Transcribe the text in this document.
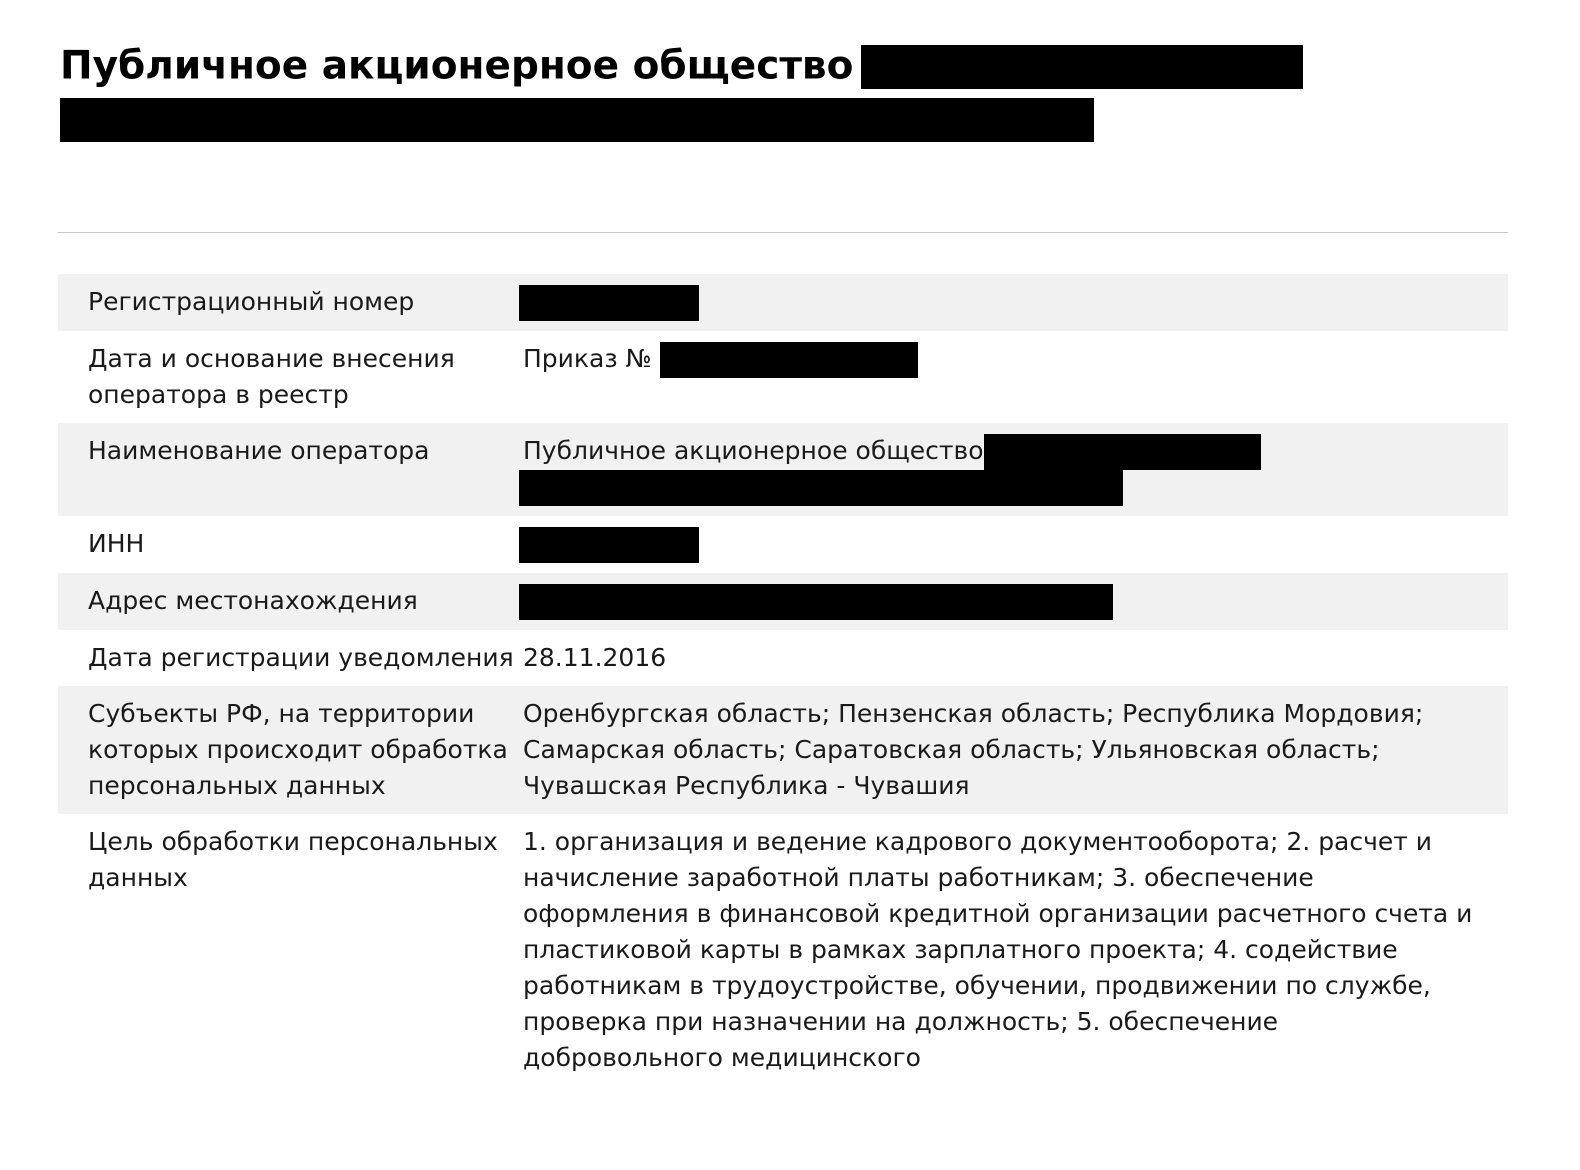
Публичное акционерное общество
Регистрационный номер	
Дата и основание внесения оператора в реестр	Приказ №
Наименование оператора	Публичное акционерное общество

ИНН	
Адрес местонахождения	
Дата регистрации уведомления	28.11.2016
Субъекты РФ, на территории которых происходит обработка персональных данных	Оренбургская область; Пензенская область; Республика Мордовия; Самарская область; Саратовская область; Ульяновская область; Чувашская Республика - Чувашия
Цель обработки персональных данных	1. организация и ведение кадрового документооборота; 2. расчет и начисление заработной платы работникам; 3. обеспечение оформления в финансовой кредитной организации расчетного счета и пластиковой карты в рамках зарплатного проекта; 4. содействие работникам в трудоустройстве, обучении, продвижении по службе, проверка при назначении на должность; 5. обеспечение добровольного медицинского
